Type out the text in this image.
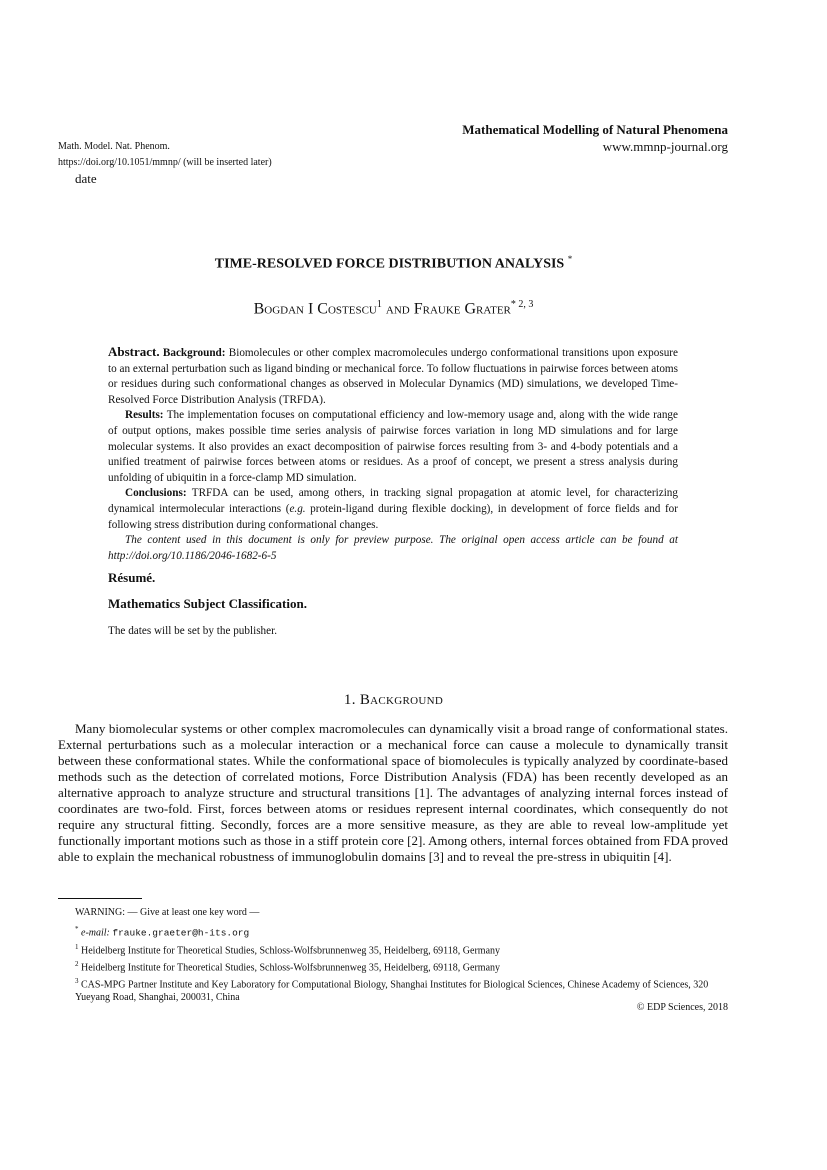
Mathematical Modelling of Natural Phenomena
www.mmnp-journal.org
Math. Model. Nat. Phenom.
https://doi.org/10.1051/mmnp/ (will be inserted later)
date
TIME-RESOLVED FORCE DISTRIBUTION ANALYSIS *
Bogdan I Costescu$^1$ and Frauke Grater$^{* 2, 3}$

Abstract. Background: Biomolecules or other complex macromolecules undergo conformational transitions upon exposure to an external perturbation such as ligand binding or mechanical force. To follow fluctuations in pairwise forces between atoms or residues during such conformational changes as observed in Molecular Dynamics (MD) simulations, we developed Time-Resolved Force Distribution Analysis (TRFDA).

Results: The implementation focuses on computational efficiency and low-memory usage and, along with the wide range of output options, makes possible time series analysis of pairwise forces variation in long MD simulations and for large molecular systems. It also provides an exact decomposition of pairwise forces resulting from 3- and 4-body potentials and a unified treatment of pairwise forces between atoms or residues. As a proof of concept, we present a stress analysis during unfolding of ubiquitin in a force-clamp MD simulation.

Conclusions: TRFDA can be used, among others, in tracking signal propagation at atomic level, for characterizing dynamical intermolecular interactions (e.g. protein-ligand during flexible docking), in development of force fields and for following stress distribution during conformational changes.

The content used in this document is only for preview purpose. The original open access article can be found at http://doi.org/10.1186/2046-1682-6-5

Résumé.
Mathematics Subject Classification.
The dates will be set by the publisher.
1. Background

Many biomolecular systems or other complex macromolecules can dynamically visit a broad range of conformational states. External perturbations such as a molecular interaction or a mechanical force can cause a molecule to dynamically transit between these conformational states. While the conformational space of biomolecules is typically analyzed by coordinate-based methods such as the detection of correlated motions, Force Distribution Analysis (FDA) has been recently developed as an alternative approach to analyze structure and structural transitions [1]. The advantages of analyzing internal forces instead of coordinates are two-fold. First, forces between atoms or residues represent internal coordinates, which consequently do not require any structural fitting. Secondly, forces are a more sensitive measure, as they are able to reveal low-amplitude yet functionally important motions such as those in a stiff protein core [2]. Among others, internal forces obtained from FDA proved able to explain the mechanical robustness of immunoglobulin domains [3] and to reveal the pre-stress in ubiquitin [4].

WARNING: — Give at least one key word —
* e-mail: frauke.graeter@h-its.org
$^1$ Heidelberg Institute for Theoretical Studies, Schloss-Wolfsbrunnenweg 35, Heidelberg, 69118, Germany
$^2$ Heidelberg Institute for Theoretical Studies, Schloss-Wolfsbrunnenweg 35, Heidelberg, 69118, Germany
$^3$ CAS-MPG Partner Institute and Key Laboratory for Computational Biology, Shanghai Institutes for Biological Sciences, Chinese Academy of Sciences, 320 Yueyang Road, Shanghai, 200031, China
© EDP Sciences, 2018
